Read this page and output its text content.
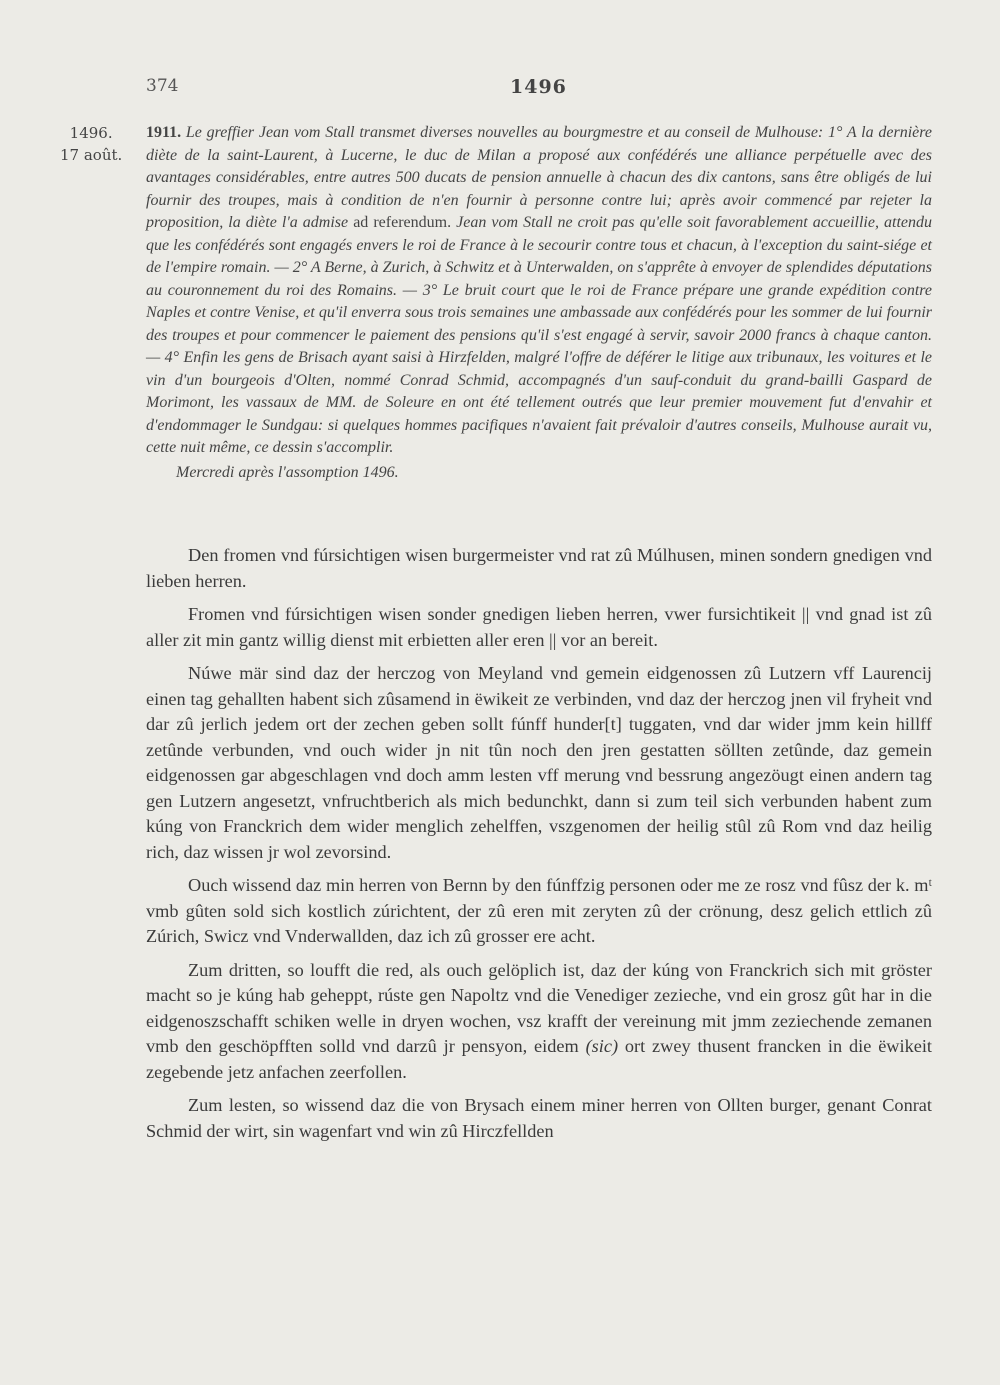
374	1496
1496.
17 août.
1911. Le greffier Jean vom Stall transmet diverses nouvelles au bourgmestre et au conseil de Mulhouse: 1° A la dernière diète de la saint-Laurent, à Lucerne, le duc de Milan a proposé aux confédérés une alliance perpétuelle avec des avantages considérables, entre autres 500 ducats de pension annuelle à chacun des dix cantons, sans être obligés de lui fournir des troupes, mais à condition de n'en fournir à personne contre lui; après avoir commencé par rejeter la proposition, la diète l'a admise ad referendum. Jean vom Stall ne croit pas qu'elle soit favorablement accueillie, attendu que les confédérés sont engagés envers le roi de France à le secourir contre tous et chacun, à l'exception du saint-siége et de l'empire romain. — 2° A Berne, à Zurich, à Schwitz et à Unterwalden, on s'apprête à envoyer de splendides députations au couronnement du roi des Romains. — 3° Le bruit court que le roi de France prépare une grande expédition contre Naples et contre Venise, et qu'il enverra sous trois semaines une ambassade aux confédérés pour les sommer de lui fournir des troupes et pour commencer le paiement des pensions qu'il s'est engagé à servir, savoir 2000 francs à chaque canton. — 4° Enfin les gens de Brisach ayant saisi à Hirzfelden, malgré l'offre de déférer le litige aux tribunaux, les voitures et le vin d'un bourgeois d'Olten, nommé Conrad Schmid, accompagnés d'un sauf-conduit du grand-bailli Gaspard de Morimont, les vassaux de MM. de Soleure en ont été tellement outrés que leur premier mouvement fut d'envahir et d'endommager le Sundgau: si quelques hommes pacifiques n'avaient fait prévaloir d'autres conseils, Mulhouse aurait vu, cette nuit même, ce dessin s'accomplir.
Mercredi après l'assomption 1496.

Den fromen vnd fúrsichtigen wisen burgermeister vnd rat zû Múlhusen, minen sondern gnedigen vnd lieben herren.

Fromen vnd fúrsichtigen wisen sonder gnedigen lieben herren, vwer fursichtikeit || vnd gnad ist zû aller zit min gantz willig dienst mit erbietten aller eren || vor an bereit.

Núwe mär sind daz der herczog von Meyland vnd gemein eidgenossen zû Lutzern vff Laurencij einen tag gehallten habent sich zûsamend in ëwikeit ze verbinden, vnd daz der herczog jnen vil fryheit vnd dar zû jerlich jedem ort der zechen geben sollt fúnff hunder[t] tuggaten, vnd dar wider jmm kein hillff zetûnde verbunden, vnd ouch wider jn nit tûn noch den jren gestatten söllten zetûnde, daz gemein eidgenossen gar abgeschlagen vnd doch amm lesten vff merung vnd bessrung angezöugt einen andern tag gen Lutzern angesetzt, vnfruchtberich als mich bedunchkt, dann si zum teil sich verbunden habent zum kúng von Franckrich dem wider menglich zehelffen, vszgenomen der heilig stûl zû Rom vnd daz heilig rich, daz wissen jr wol zevorsind.

Ouch wissend daz min herren von Bernn by den fúnffzig personen oder me ze rosz vnd fûsz der k. mᵗ vmb gûten sold sich kostlich zúrichtent, der zû eren mit zeryten zû der crönung, desz gelich ettlich zû Zúrich, Swicz vnd Vnderwallden, daz ich zû grosser ere acht.

Zum dritten, so loufft die red, als ouch gelöplich ist, daz der kúng von Franckrich sich mit gröster macht so je kúng hab geheppt, rúste gen Napoltz vnd die Venediger zezieche, vnd ein grosz gût har in die eidgenoszschafft schiken welle in dryen wochen, vsz krafft der vereinung mit jmm zeziechende zemanen vmb den geschöpfften solld vnd darzû jr pensyon, eidem (sic) ort zwey thusent francken in die ëwikeit zegebende jetz anfachen zeerfollen.

Zum lesten, so wissend daz die von Brysach einem miner herren von Ollten burger, genant Conrat Schmid der wirt, sin wagenfart vnd win zû Hirczfellden
